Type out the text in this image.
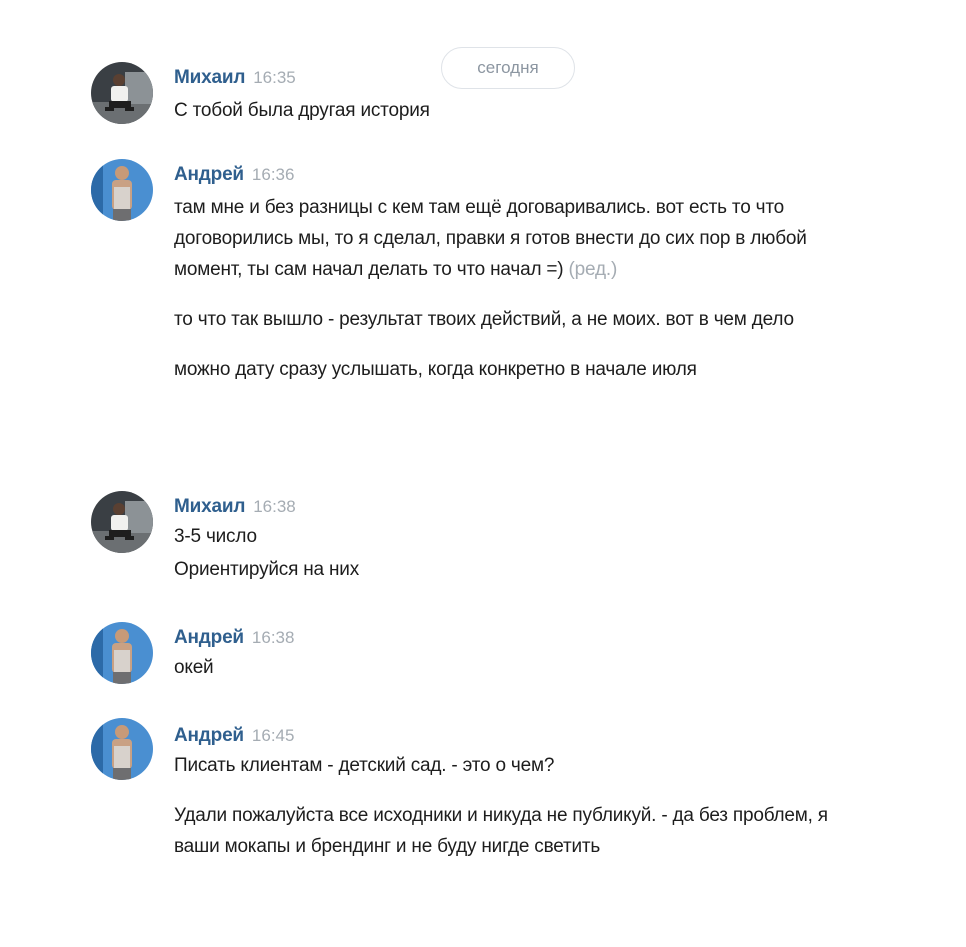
сегодня
Михаил 16:35
С тобой была другая история
Андрей 16:36
там мне и без разницы с кем там ещё договаривались. вот есть то что договорились мы, то я сделал, правки я готов внести до сих пор в любой момент, ты сам начал делать то что начал =) (ред.)
то что так вышло - результат твоих действий, а не моих. вот в чем дело
можно дату сразу услышать, когда конкретно в начале июля
Михаил 16:38
3-5 число
Ориентируйся на них
Андрей 16:38
окей
Андрей 16:45
Писать клиентам - детский сад. - это о чем?
Удали пожалуйста все исходники и никуда не публикуй. - да без проблем, я ваши мокапы и брендинг и не буду нигде светить
